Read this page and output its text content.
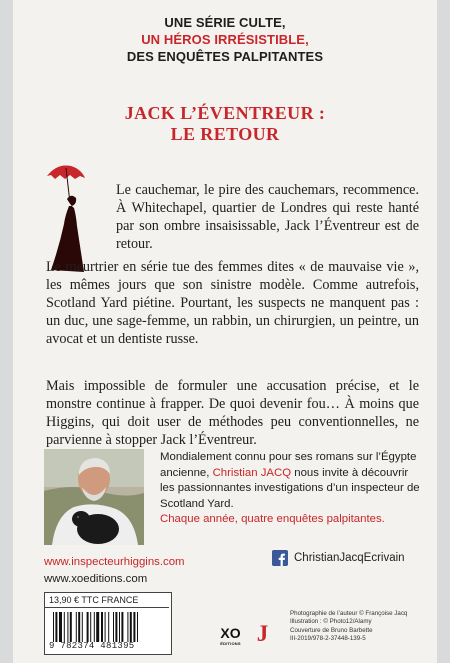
UNE SÉRIE CULTE,
UN HÉROS IRRÉSISTIBLE,
DES ENQUÊTES PALPITANTES
JACK L’ÉVENTREUR :
LE RETOUR

Le cauchemar, le pire des cauchemars, recommence. À Whitechapel, quartier de Londres qui reste hanté par son ombre insaisissable, Jack l’Éventreur est de retour.

Le meurtrier en série tue des femmes dites « de mauvaise vie », les mêmes jours que son sinistre modèle. Comme autrefois, Scotland Yard piétine. Pourtant, les suspects ne manquent pas : un duc, une sage-femme, un rabbin, un chirurgien, un peintre, un avocat et un dentiste russe.

Mais impossible de formuler une accusation précise, et le monstre continue à frapper. De quoi devenir fou… À moins que Higgins, qui doit user de méthodes peu conventionnelles, ne parvienne à stopper Jack l’Éventreur.

Mondialement connu pour ses romans sur l’Égypte ancienne, Christian JACQ nous invite à découvrir les passionnantes investigations d’un inspecteur de Scotland Yard.
Chaque année, quatre enquêtes palpitantes.

www.inspecteurhiggins.com
www.xoeditions.com
ChristianJacqEcrivain
13,90 € TTC FRANCE
9 782374 481395
XO
ÉDITIONS J
Photographie de l’auteur © Françoise Jacq
Illustration : © Photo12/Alamy
Couverture de Bruno Barbette
III-2019/978-2-37448-139-5
